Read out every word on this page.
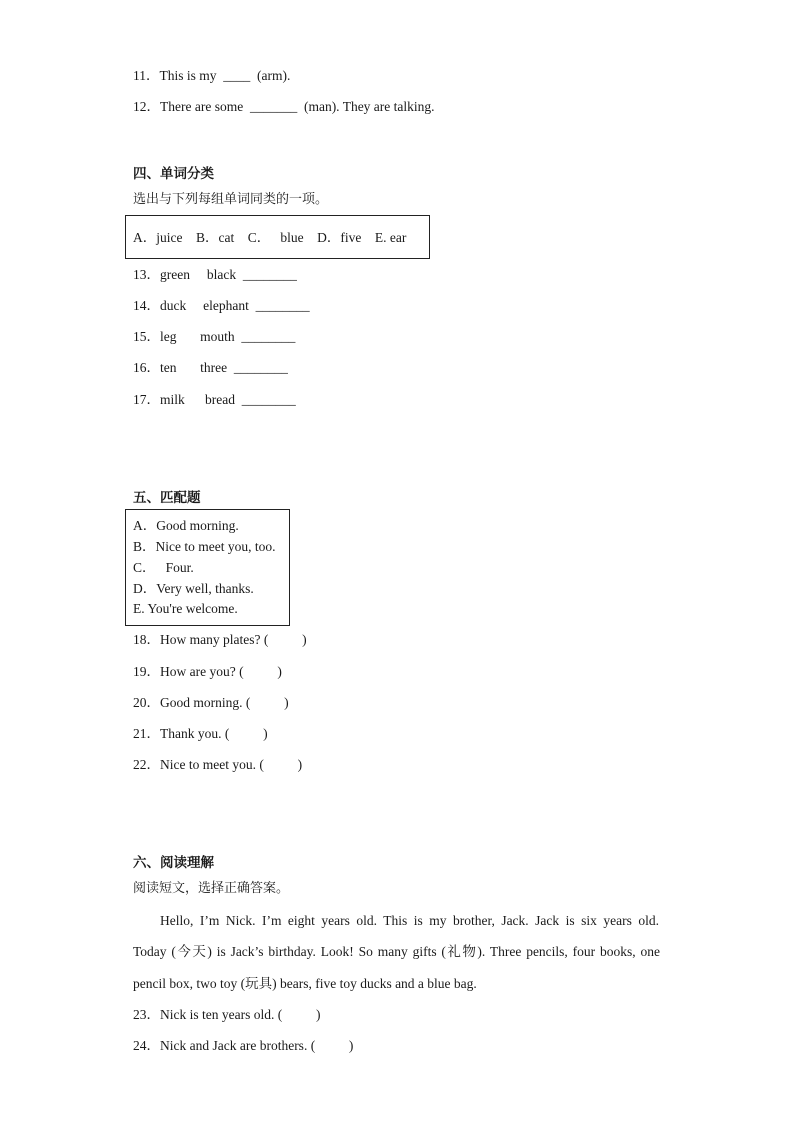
11．This is my  ____  (arm).
12．There are some  _______  (man). They are talking.
四、单词分类
选出与下列每组单词同类的一项。
A．juice    B．cat    C．   blue    D．five    E. ear
13．green     black  ________
14．duck     elephant  ________
15．leg       mouth  ________
16．ten       three  ________
17．milk      bread  ________
五、匹配题
A．Good morning.
B．Nice to meet you, too.
C．   Four.
D．Very well, thanks.
E. You're welcome.
18．How many plates? (          )
19．How are you? (          )
20．Good morning. (          )
21．Thank you. (          )
22．Nice to meet you. (          )
六、阅读理解
阅读短文，选择正确答案。
Hello, I’m Nick. I’m eight years old. This is my brother, Jack. Jack is six years old.
Today (今天) is Jack’s birthday. Look! So many gifts (礼物). Three pencils, four books, one
pencil box, two toy (玩具) bears, five toy ducks and a blue bag.
23．Nick is ten years old. (          )
24．Nick and Jack are brothers. (          )
